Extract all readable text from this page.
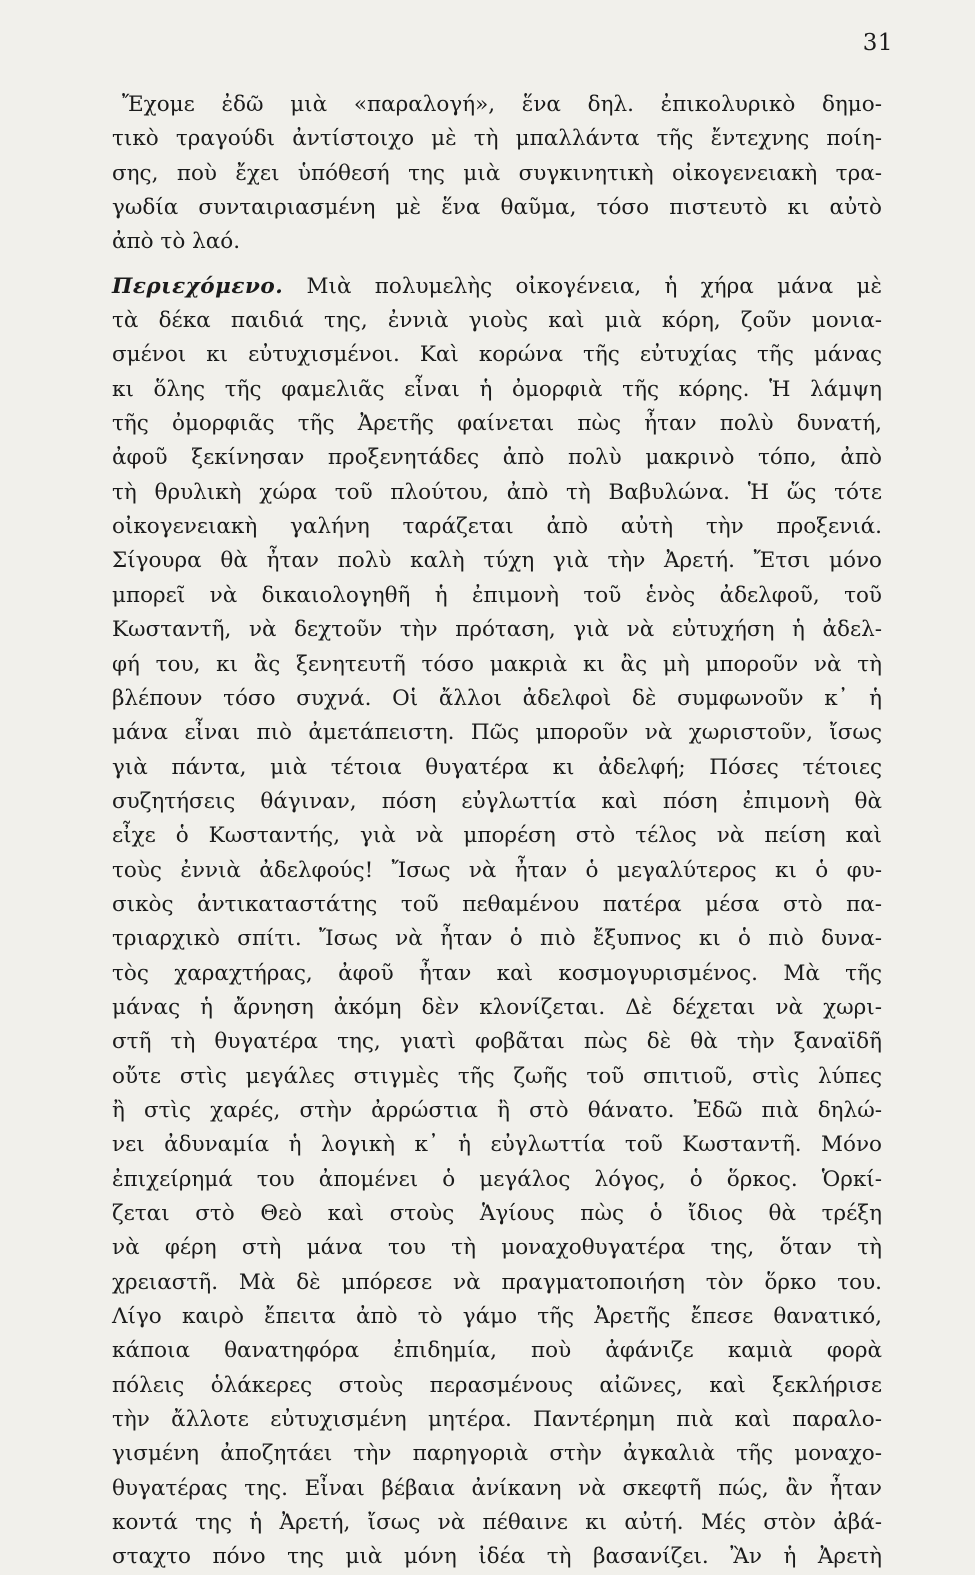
31
Ἔχομε ἐδῶ μιὰ «παραλογή», ἕνα δηλ. ἐπικολυρικὸ δημο-
τικὸ τραγούδι ἀντίστοιχο μὲ τὴ μπαλλάντα τῆς ἔντεχνης ποίη-
σης, ποὺ ἔχει ὑπόθεσή της μιὰ συγκινητικὴ οἰκογενειακὴ τρα-
γωδία συνταιριασμένη μὲ ἕνα θαῦμα, τόσο πιστευτὸ κι αὐτὸ
ἀπὸ τὸ λαό.
Περιεχόμενο. Μιὰ πολυμελὴς οἰκογένεια, ἡ χήρα μάνα μὲ
τὰ δέκα παιδιά της, ἐννιὰ γιοὺς καὶ μιὰ κόρη, ζοῦν μονια-
σμένοι κι εὐτυχισμένοι. Καὶ κορώνα τῆς εὐτυχίας τῆς μάνας
κι ὅλης τῆς φαμελιᾶς εἶναι ἡ ὀμορφιὰ τῆς κόρης. Ἡ λάμψη
τῆς ὀμορφιᾶς τῆς Ἀρετῆς φαίνεται πὼς ἦταν πολὺ δυνατή,
ἀφοῦ ξεκίνησαν προξενητάδες ἀπὸ πολὺ μακρινὸ τόπο, ἀπὸ
τὴ θρυλικὴ χώρα τοῦ πλούτου, ἀπὸ τὴ Βαβυλώνα. Ἡ ὥς τότε
οἰκογενειακὴ γαλήνη ταράζεται ἀπὸ αὐτὴ τὴν προξενιά.
Σίγουρα θὰ ἦταν πολὺ καλὴ τύχη γιὰ τὴν Ἀρετή. Ἔτσι μόνο
μπορεῖ νὰ δικαιολογηθῆ ἡ ἐπιμονὴ τοῦ ἑνὸς ἀδελφοῦ, τοῦ
Κωσταντῆ, νὰ δεχτοῦν τὴν πρόταση, γιὰ νὰ εὐτυχήση ἡ ἀδελ-
φή του, κι ἂς ξενητευτῆ τόσο μακριὰ κι ἂς μὴ μποροῦν νὰ τὴ
βλέπουν τόσο συχνά. Οἱ ἄλλοι ἀδελφοὶ δὲ συμφωνοῦν κ᾽ ἡ
μάνα εἶναι πιὸ ἀμετάπειστη. Πῶς μποροῦν νὰ χωριστοῦν, ἴσως
γιὰ πάντα, μιὰ τέτοια θυγατέρα κι ἀδελφή; Πόσες τέτοιες
συζητήσεις θάγιναν, πόση εὐγλωττία καὶ πόση ἐπιμονὴ θὰ
εἶχε ὁ Κωσταντής, γιὰ νὰ μπορέση στὸ τέλος νὰ πείση καὶ
τοὺς ἐννιὰ ἀδελφούς! Ἴσως νὰ ἦταν ὁ μεγαλύτερος κι ὁ φυ-
σικὸς ἀντικαταστάτης τοῦ πεθαμένου πατέρα μέσα στὸ πα-
τριαρχικὸ σπίτι. Ἴσως νὰ ἦταν ὁ πιὸ ἔξυπνος κι ὁ πιὸ δυνα-
τὸς χαραχτήρας, ἀφοῦ ἦταν καὶ κοσμογυρισμένος. Μὰ τῆς
μάνας ἡ ἄρνηση ἀκόμη δὲν κλονίζεται. Δὲ δέχεται νὰ χωρι-
στῆ τὴ θυγατέρα της, γιατὶ φοβᾶται πὼς δὲ θὰ τὴν ξαναϊδῆ
οὔτε στὶς μεγάλες στιγμὲς τῆς ζωῆς τοῦ σπιτιοῦ, στὶς λύπες
ἢ στὶς χαρές, στὴν ἀρρώστια ἢ στὸ θάνατο. Ἐδῶ πιὰ δηλώ-
νει ἀδυναμία ἡ λογικὴ κ᾽ ἡ εὐγλωττία τοῦ Κωσταντῆ. Μόνο
ἐπιχείρημά του ἀπομένει ὁ μεγάλος λόγος, ὁ ὅρκος. Ὁρκί-
ζεται στὸ Θεὸ καὶ στοὺς Ἁγίους πὼς ὁ ἴδιος θὰ τρέξη
νὰ φέρη στὴ μάνα του τὴ μοναχοθυγατέρα της, ὅταν τὴ
χρειαστῆ. Μὰ δὲ μπόρεσε νὰ πραγματοποιήση τὸν ὅρκο του.
Λίγο καιρὸ ἔπειτα ἀπὸ τὸ γάμο τῆς Ἀρετῆς ἔπεσε θανατικό,
κάποια θανατηφόρα ἐπιδημία, ποὺ ἀφάνιζε καμιὰ φορὰ
πόλεις ὁλάκερες στοὺς περασμένους αἰῶνες, καὶ ξεκλήρισε
τὴν ἄλλοτε εὐτυχισμένη μητέρα. Παντέρημη πιὰ καὶ παραλο-
γισμένη ἀποζητάει τὴν παρηγοριὰ στὴν ἀγκαλιὰ τῆς μοναχο-
θυγατέρας της. Εἶναι βέβαια ἀνίκανη νὰ σκεφτῆ πώς, ἂν ἦταν
κοντά της ἡ Ἀρετή, ἴσως νὰ πέθαινε κι αὐτή. Μές στὸν ἀβά-
σταχτο πόνο της μιὰ μόνη ἰδέα τὴ βασανίζει. Ἂν ἡ Ἀρετὴ
